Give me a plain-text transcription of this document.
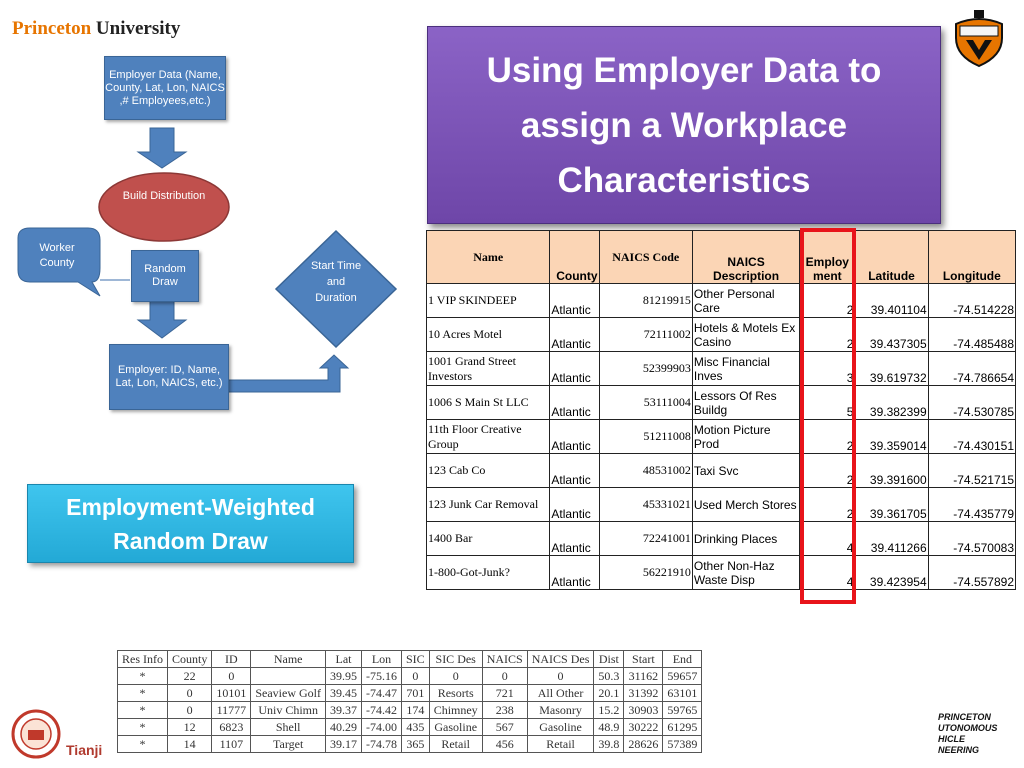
Princeton University
Employer Data (Name, County, Lat, Lon, NAICS ,# Employees,etc.)
Build Distribution
Worker County	Random Draw
Employer: ID, Name, Lat, Lon, NAICS, etc.)
Start Time and Duration
Using Employer Data to assign a Workplace Characteristics
Employment-Weighted Random Draw
Name	County	NAICS Code	NAICS Description	Employ ment	Latitude	Longitude
1 VIP SKINDEEP	Atlantic	81219915	Other Personal Care	2	39.401104	-74.514228
10 Acres Motel	Atlantic	72111002	Hotels & Motels Ex Casino	2	39.437305	-74.485488
1001 Grand Street Investors	Atlantic	52399903	Misc Financial Inves	3	39.619732	-74.786654
1006 S Main St LLC	Atlantic	53111004	Lessors Of Res Buildg	5	39.382399	-74.530785
11th Floor Creative Group	Atlantic	51211008	Motion Picture Prod	2	39.359014	-74.430151
123 Cab Co	Atlantic	48531002	Taxi Svc	2	39.391600	-74.521715
123 Junk Car Removal	Atlantic	45331021	Used Merch Stores	2	39.361705	-74.435779
1400 Bar	Atlantic	72241001	Drinking Places	4	39.411266	-74.570083
1-800-Got-Junk?	Atlantic	56221910	Other Non-Haz Waste Disp	4	39.423954	-74.557892
Res Info	County	ID	Name	Lat	Lon	SIC	SIC Des	NAICS	NAICS Des	Dist	Start	End
*	22	0		39.95	-75.16	0	0	0	0	50.3	31162	59657
*	0	10101	Seaview Golf	39.45	-74.47	701	Resorts	721	All Other	20.1	31392	63101
*	0	11777	Univ Chimn	39.37	-74.42	174	Chimney	238	Masonry	15.2	30903	59765
*	12	6823	Shell	40.29	-74.00	435	Gasoline	567	Gasoline	48.9	30222	61295
*	14	1107	Target	39.17	-74.78	365	Retail	456	Retail	39.8	28626	57389
Tianji
PRINCETON
UTONOMOUS
HICLE
NEERING
